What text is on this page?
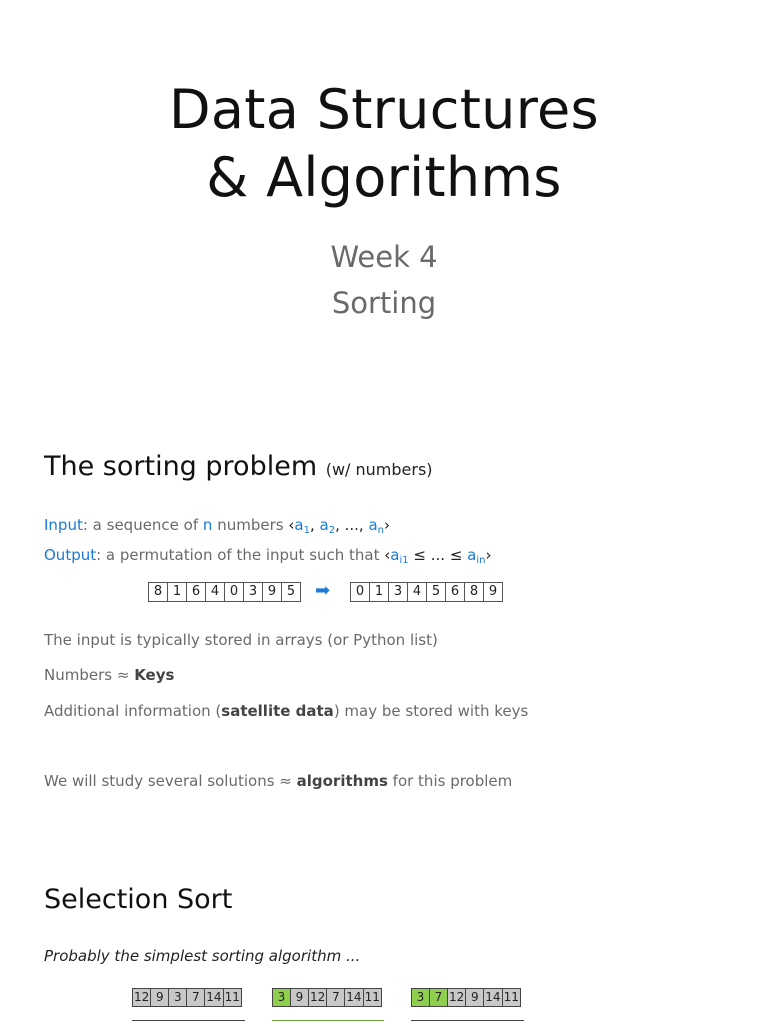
Data Structures
& Algorithms
Week 4
Sorting
The sorting problem (w/ numbers)
Input: a sequence of n numbers $‹a_1$, $a_2$, ..., $a_n›$
Output: a permutation of the input such that $‹a_{i1}$ ≤ ... ≤ $a_{in}›$
8 1 6 4 0 3 9 5 ➡	0 1 3 4 5 6 8 9
The input is typically stored in arrays (or Python list)
Numbers ≈ Keys
Additional information (satellite data) may be stored with keys
We will study several solutions ≈ algorithms for this problem
Selection Sort
Probably the simplest sorting algorithm ...
12 9 3 7 14 11	3 9 12 7 14 11	3 7 12 9 14 11
